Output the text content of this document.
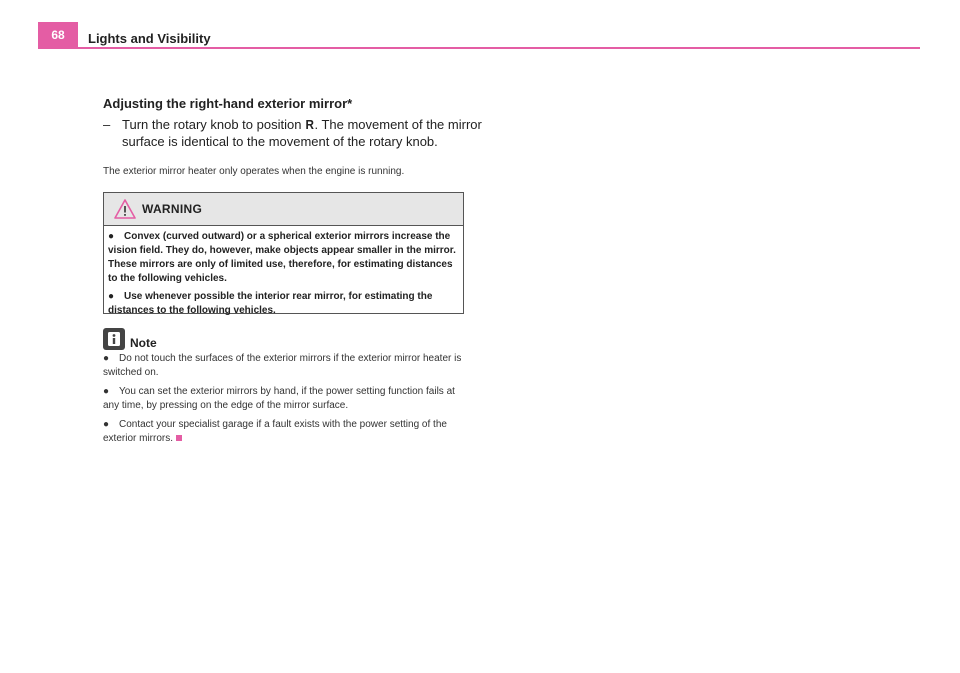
68	Lights and Visibility
Adjusting the right-hand exterior mirror*
– Turn the rotary knob to position R. The movement of the mirror surface is identical to the movement of the rotary knob.
The exterior mirror heater only operates when the engine is running.
WARNING
● Convex (curved outward) or a spherical exterior mirrors increase the vision field. They do, however, make objects appear smaller in the mirror. These mirrors are only of limited use, therefore, for estimating distances to the following vehicles.
● Use whenever possible the interior rear mirror, for estimating the distances to the following vehicles.
Note
● Do not touch the surfaces of the exterior mirrors if the exterior mirror heater is switched on.
● You can set the exterior mirrors by hand, if the power setting function fails at any time, by pressing on the edge of the mirror surface.
● Contact your specialist garage if a fault exists with the power setting of the exterior mirrors.
